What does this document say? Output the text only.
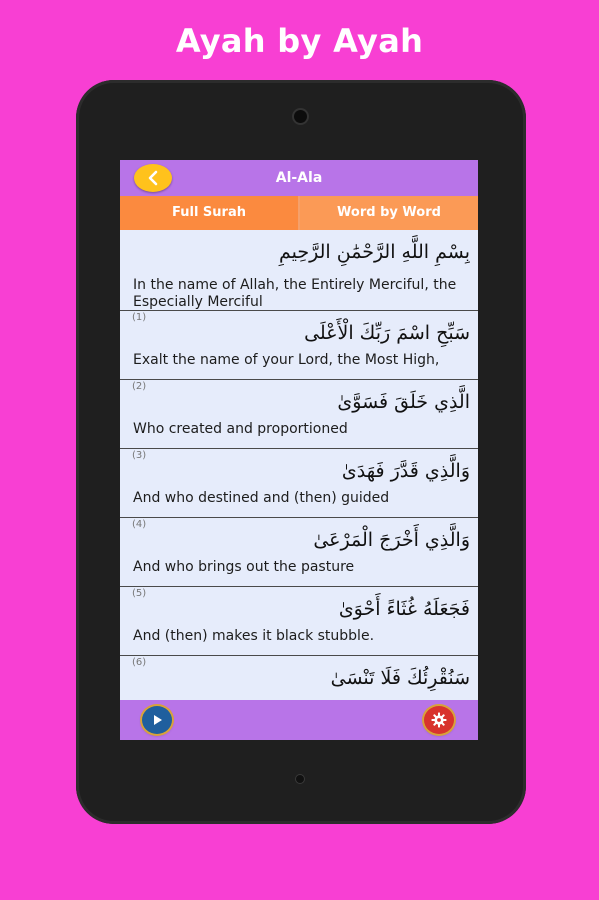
Ayah by Ayah
Al-Ala
Full Surah	Word by Word
بِسْمِ اللَّهِ الرَّحْمَٰنِ الرَّحِيمِ
In the name of Allah, the Entirely Merciful, the Especially Merciful
(1)
سَبِّحِ اسْمَ رَبِّكَ الْأَعْلَى
Exalt the name of your Lord, the Most High,
(2)
الَّذِي خَلَقَ فَسَوَّىٰ
Who created and proportioned
(3)
وَالَّذِي قَدَّرَ فَهَدَىٰ
And who destined and (then) guided
(4)
وَالَّذِي أَخْرَجَ الْمَرْعَىٰ
And who brings out the pasture
(5)
فَجَعَلَهُ غُثَاءً أَحْوَىٰ
And (then) makes it black stubble.
(6)
سَنُقْرِئُكَ فَلَا تَنْسَىٰ
